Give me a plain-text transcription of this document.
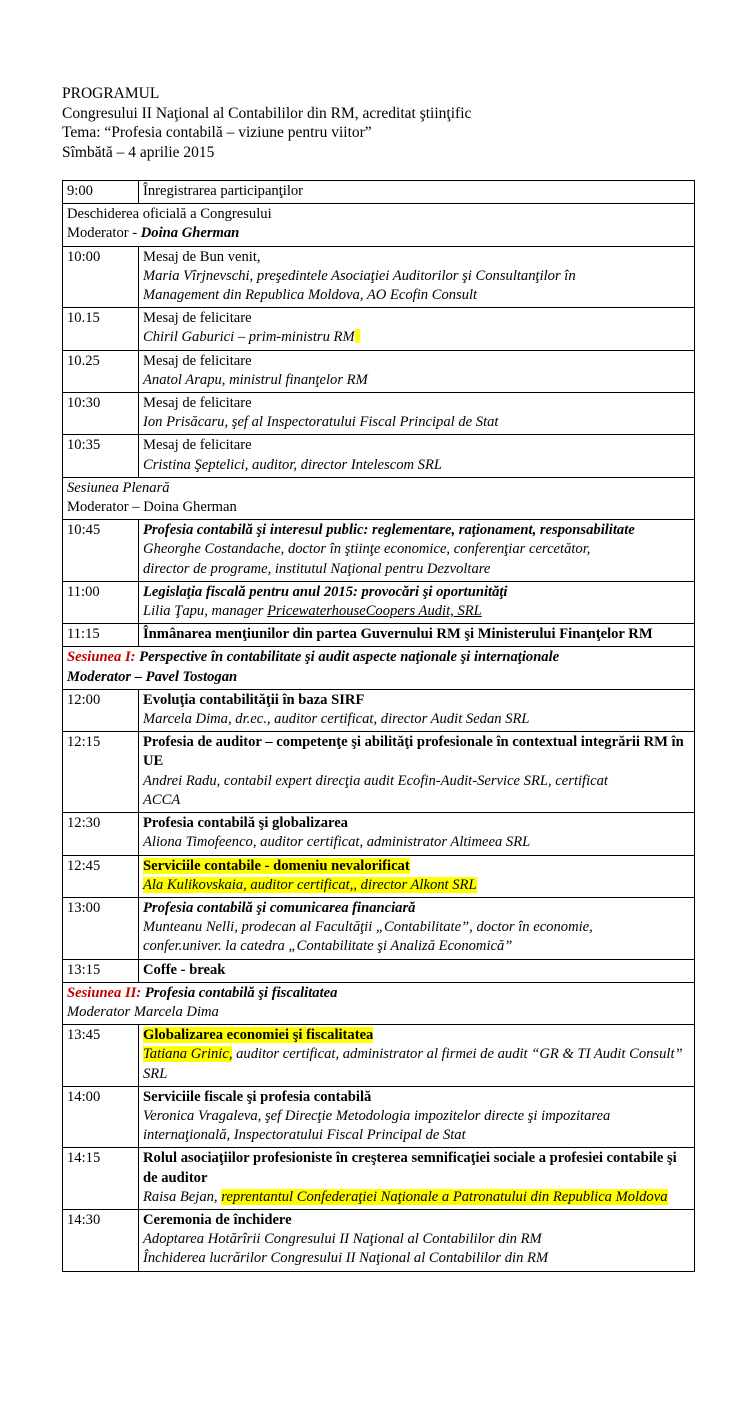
PROGRAMUL
Congresului II Naţional al Contabililor din RM, acreditat ştiinţific
Tema: “Profesia contabilă – viziune pentru viitor”
Sîmbătă – 4 aprilie 2015
9:00	Înregistrarea participanţilor

Deschiderea oficială a Congresului
Moderator - Doina Gherman	

10:00	Mesaj de Bun venit,
Maria Vîrjnevschi, preşedintele Asociaţiei Auditorilor şi Consultanţilor în
Management din Republica Moldova, AO Ecofin Consult

10.15	Mesaj de felicitare
Chiril Gaburici – prim-ministru RM

10.25	Mesaj de felicitare
Anatol Arapu, ministrul finanţelor RM

10:30	Mesaj de felicitare
Ion Prisăcaru, şef al Inspectoratului Fiscal Principal de Stat

10:35	Mesaj de felicitare
Cristina Şeptelici, auditor, director Intelescom SRL

Sesiunea Plenară
Moderator – Doina Gherman	

10:45	Profesia contabilă şi interesul public: reglementare, raţionament, responsabilitate
Gheorghe Costandache, doctor în ştiinţe economice, conferenţiar cercetător,
director de programe, institutul Naţional pentru Dezvoltare

11:00	Legislaţia fiscală pentru anul 2015: provocări şi oportunităţi
Lilia Ţapu, manager PricewaterhouseCoopers Audit, SRL

11:15	Înmânarea menţiunilor din partea Guvernului RM şi Ministerului Finanţelor RM

Sesiunea I: Perspective în contabilitate şi audit aspecte naţionale şi internaţionale
Moderator – Pavel Tostogan	

12:00	Evoluţia contabilităţii în baza SIRF
Marcela Dima, dr.ec., auditor certificat, director Audit Sedan SRL

12:15	Profesia de auditor – competenţe şi abilităţi profesionale în contextual integrării RM în UE
Andrei Radu, contabil expert direcţia audit Ecofin-Audit-Service SRL, certificat
ACCA

12:30	Profesia contabilă şi globalizarea
Aliona Timofeenco, auditor certificat, administrator Altimeea SRL

12:45	Serviciile contabile - domeniu nevalorificat
Ala Kulikovskaia, auditor certificat,, director Alkont SRL

13:00	Profesia contabilă şi comunicarea financiară
Munteanu Nelli, prodecan al Facultăţii „Contabilitate”, doctor în economie,
confer.univer. la catedra „Contabilitate şi Analiză Economică”

13:15	Coffe - break

Sesiunea II: Profesia contabilă şi fiscalitatea
Moderator Marcela Dima	

13:45	Globalizarea economiei şi fiscalitatea
Tatiana Grinic, auditor certificat, administrator al firmei de audit “GR & TI Audit Consult” SRL

14:00	Serviciile fiscale şi profesia contabilă
Veronica Vragaleva, şef Direcţie Metodologia impozitelor directe şi impozitarea
internaţională, Inspectoratului Fiscal Principal de Stat

14:15	Rolul asociaţiilor profesioniste în creşterea semnificaţiei sociale a profesiei contabile şi de auditor
Raisa Bejan, reprentantul Confederaţiei Naţionale a Patronatului din Republica Moldova

14:30	Ceremonia de închidere
Adoptarea Hotărîrii Congresului II Naţional al Contabililor din RM
Închiderea lucrărilor Congresului II Naţional al Contabililor din RM
